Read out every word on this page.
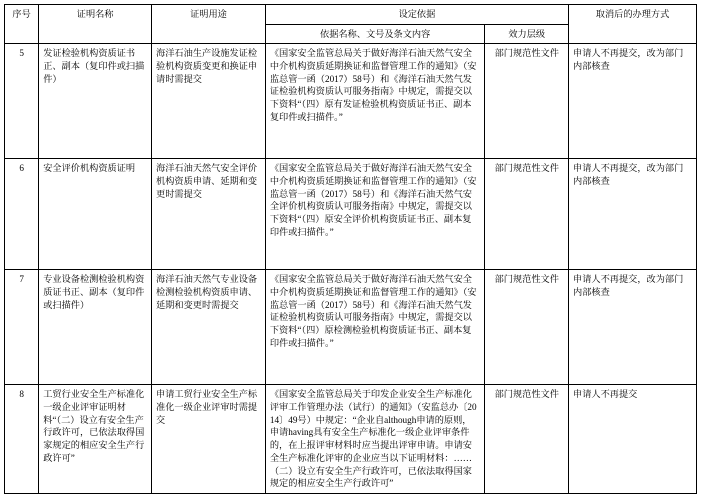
序号	证明名称	证明用途	设定依据		取消后的办理方式
			依据名称、文号及条文内容	效力层级	
5	发证检验机构资质证书正、副本（复印件或扫描件）	海洋石油生产设施发证检验机构资质变更和换证申请时需提交	《国家安全监管总局关于做好海洋石油天然气安全中介机构资质延期换证和监督管理工作的通知》（安监总管一函（2017）58号）和《海洋石油天然气发证检验机构资质认可服务指南》中规定，需提交以下资料“（四）原有发证检验机构资质证书正、副本复印件或扫描件。”	部门规范性文件	申请人不再提交，改为部门内部核查
6	安全评价机构资质证明	海洋石油天然气安全评价机构资质申请、延期和变更时需提交	《国家安全监管总局关于做好海洋石油天然气安全中介机构资质延期换证和监督管理工作的通知》（安监总管一函（2017）58号）和《海洋石油天然气安全评价机构资质认可服务指南》中规定，需提交以下资料“（四）原安全评价机构资质证书正、副本复印件或扫描件。”	部门规范性文件	申请人不再提交，改为部门内部核查
7	专业设备检测检验机构资质证书正、副本（复印件或扫描件）	海洋石油天然气专业设备检测检验机构资质申请、延期和变更时需提交	《国家安全监管总局关于做好海洋石油天然气安全中介机构资质延期换证和监督管理工作的通知》（安监总管一函（2017）58号）和《海洋石油天然气发证检验机构资质认可服务指南》中规定，需提交以下资料“（四）原检测检验机构资质证书正、副本复印件或扫描件。”	部门规范性文件	申请人不再提交，改为部门内部核查
8	工贸行业安全生产标准化一级企业评审证明材料“（二）设立有安全生产行政许可，已依法取得国家规定的相应安全生产行政许可”	申请工贸行业安全生产标准化一级企业评审时需提交	《国家安全监管总局关于印发企业安全生产标准化评审工作管理办法（试行）的通知》（安监总办〔2014〕49号）中规定：“企业自although申请的原则，申请having具有安全生产标准化一级企业评审条件的，在上报评审材料时应当提出评审申请。申请安全生产标准化评审的企业应当以下证明材料：……（二）设立有安全生产行政许可，已依法取得国家规定的相应安全生产行政许可”	部门规范性文件	申请人不再提交
